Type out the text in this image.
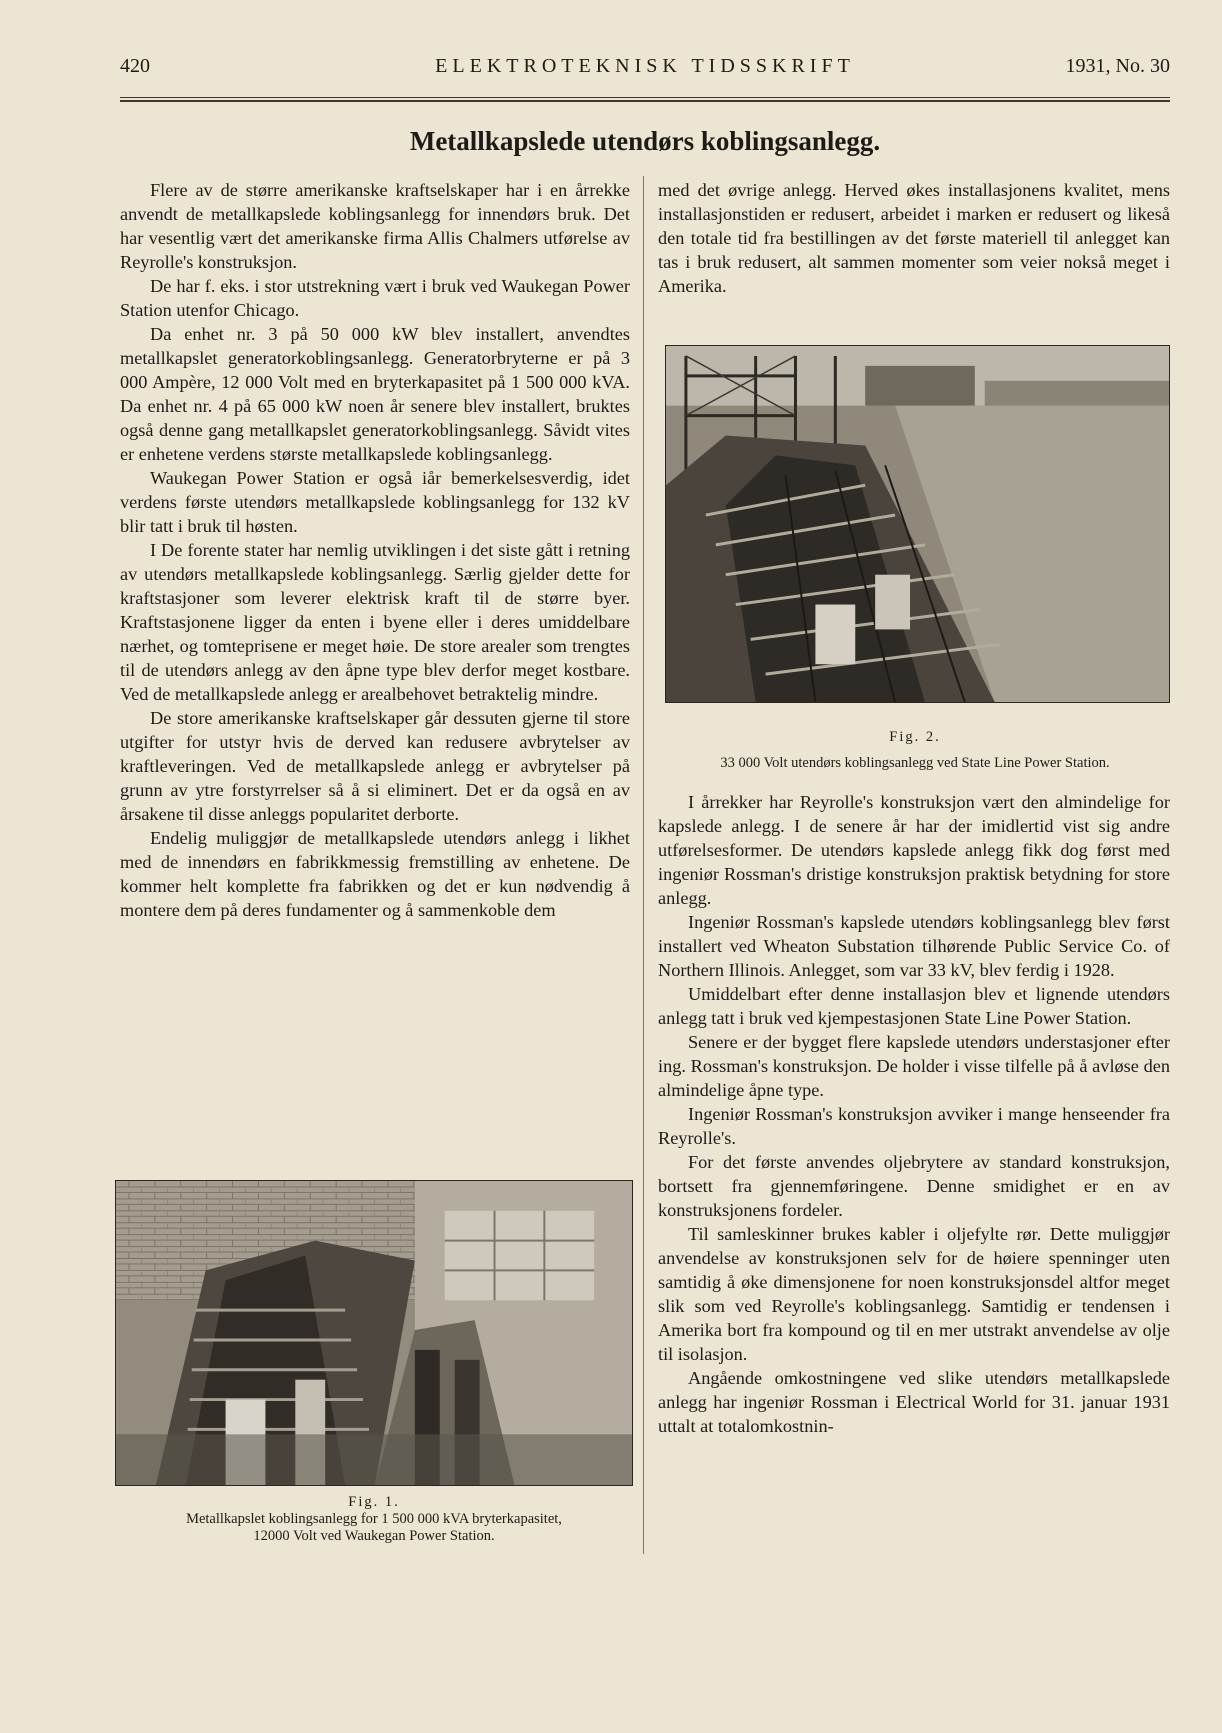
420	ELEKTROTEKNISK TIDSSKRIFT	1931, No. 30
Metallkapslede utendørs koblingsanlegg.

Flere av de større amerikanske kraftselskaper har i en årrekke anvendt de metallkapslede koblingsanlegg for innendørs bruk. Det har vesentlig vært det amerikanske firma Allis Chalmers utførelse av Reyrolle's konstruksjon.

De har f. eks. i stor utstrekning vært i bruk ved Waukegan Power Station utenfor Chicago.

Da enhet nr. 3 på 50 000 kW blev installert, anvendtes metallkapslet generatorkoblingsanlegg. Generatorbryterne er på 3 000 Ampère, 12 000 Volt med en bryterkapasitet på 1 500 000 kVA. Da enhet nr. 4 på 65 000 kW noen år senere blev installert, bruktes også denne gang metallkapslet generatorkoblingsanlegg. Såvidt vites er enhetene verdens største metallkapslede koblingsanlegg.

Waukegan Power Station er også iår bemerkelsesverdig, idet verdens første utendørs metallkapslede koblingsanlegg for 132 kV blir tatt i bruk til høsten.

I De forente stater har nemlig utviklingen i det siste gått i retning av utendørs metallkapslede koblingsanlegg. Særlig gjelder dette for kraftstasjoner som leverer elektrisk kraft til de større byer. Kraftstasjonene ligger da enten i byene eller i deres umiddelbare nærhet, og tomteprisene er meget høie. De store arealer som trengtes til de utendørs anlegg av den åpne type blev derfor meget kostbare. Ved de metallkapslede anlegg er arealbehovet betraktelig mindre.

De store amerikanske kraftselskaper går dessuten gjerne til store utgifter for utstyr hvis de derved kan redusere avbrytelser av kraftleveringen. Ved de metallkapslede anlegg er avbrytelser på grunn av ytre forstyrrelser så å si eliminert. Det er da også en av årsakene til disse anleggs popularitet derborte.

Endelig muliggjør de metallkapslede utendørs anlegg i likhet med de innendørs en fabrikkmessig fremstilling av enhetene. De kommer helt komplette fra fabrikken og det er kun nødvendig å montere dem på deres fundamenter og å sammenkoble dem

Fig. 1.
Metallkapslet koblingsanlegg for 1 500 000 kVA bryterkapasitet,
12000 Volt ved Waukegan Power Station.

med det øvrige anlegg. Herved økes installasjonens kvalitet, mens installasjonstiden er redusert, arbeidet i marken er redusert og likeså den totale tid fra bestillingen av det første materiell til anlegget kan tas i bruk redusert, alt sammen momenter som veier nokså meget i Amerika.

Fig. 2.
33 000 Volt utendørs koblingsanlegg ved State Line Power Station.

I årrekker har Reyrolle's konstruksjon vært den almindelige for kapslede anlegg. I de senere år har der imidlertid vist sig andre utførelsesformer. De utendørs kapslede anlegg fikk dog først med ingeniør Rossman's dristige konstruksjon praktisk betydning for store anlegg.

Ingeniør Rossman's kapslede utendørs koblingsanlegg blev først installert ved Wheaton Substation tilhørende Public Service Co. of Northern Illinois. Anlegget, som var 33 kV, blev ferdig i 1928.

Umiddelbart efter denne installasjon blev et lignende utendørs anlegg tatt i bruk ved kjempestasjonen State Line Power Station.

Senere er der bygget flere kapslede utendørs understasjoner efter ing. Rossman's konstruksjon. De holder i visse tilfelle på å avløse den almindelige åpne type.

Ingeniør Rossman's konstruksjon avviker i mange henseender fra Reyrolle's.

For det første anvendes oljebrytere av standard konstruksjon, bortsett fra gjennemføringene. Denne smidighet er en av konstruksjonens fordeler.

Til samleskinner brukes kabler i oljefylte rør. Dette muliggjør anvendelse av konstruksjonen selv for de høiere spenninger uten samtidig å øke dimensjonene for noen konstruksjonsdel altfor meget slik som ved Reyrolle's koblingsanlegg. Samtidig er tendensen i Amerika bort fra kompound og til en mer utstrakt anvendelse av olje til isolasjon.

Angående omkostningene ved slike utendørs metallkapslede anlegg har ingeniør Rossman i Electrical World for 31. januar 1931 uttalt at totalomkostnin-
